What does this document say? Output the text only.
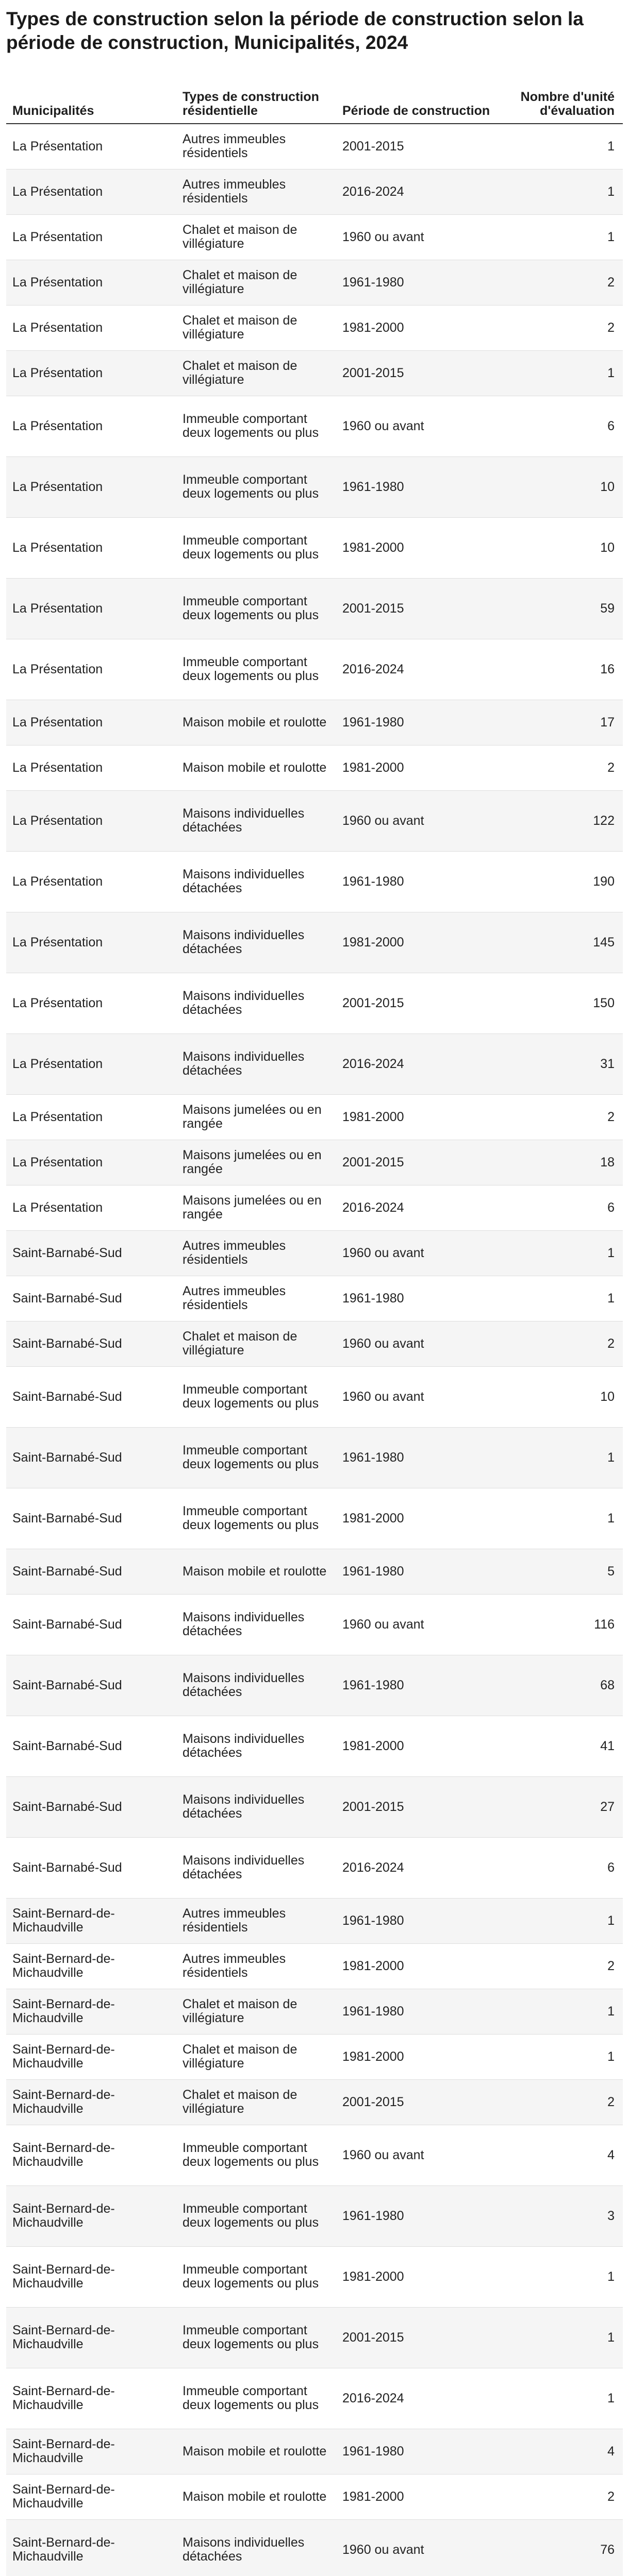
Types de construction selon la période de construction selon la période de construction, Municipalités, 2024
Municipalités	Types de construction résidentielle	Période de construction	Nombre d'unité d'évaluation
La Présentation	Autres immeubles résidentiels	2001-2015	1
La Présentation	Autres immeubles résidentiels	2016-2024	1
La Présentation	Chalet et maison de villégiature	1960 ou avant	1
La Présentation	Chalet et maison de villégiature	1961-1980	2
La Présentation	Chalet et maison de villégiature	1981-2000	2
La Présentation	Chalet et maison de villégiature	2001-2015	1
La Présentation	Immeuble comportant deux logements ou plus	1960 ou avant	6
La Présentation	Immeuble comportant deux logements ou plus	1961-1980	10
La Présentation	Immeuble comportant deux logements ou plus	1981-2000	10
La Présentation	Immeuble comportant deux logements ou plus	2001-2015	59
La Présentation	Immeuble comportant deux logements ou plus	2016-2024	16
La Présentation	Maison mobile et roulotte	1961-1980	17
La Présentation	Maison mobile et roulotte	1981-2000	2
La Présentation	Maisons individuelles détachées	1960 ou avant	122
La Présentation	Maisons individuelles détachées	1961-1980	190
La Présentation	Maisons individuelles détachées	1981-2000	145
La Présentation	Maisons individuelles détachées	2001-2015	150
La Présentation	Maisons individuelles détachées	2016-2024	31
La Présentation	Maisons jumelées ou en rangée	1981-2000	2
La Présentation	Maisons jumelées ou en rangée	2001-2015	18
La Présentation	Maisons jumelées ou en rangée	2016-2024	6
Saint-Barnabé-Sud	Autres immeubles résidentiels	1960 ou avant	1
Saint-Barnabé-Sud	Autres immeubles résidentiels	1961-1980	1
Saint-Barnabé-Sud	Chalet et maison de villégiature	1960 ou avant	2
Saint-Barnabé-Sud	Immeuble comportant deux logements ou plus	1960 ou avant	10
Saint-Barnabé-Sud	Immeuble comportant deux logements ou plus	1961-1980	1
Saint-Barnabé-Sud	Immeuble comportant deux logements ou plus	1981-2000	1
Saint-Barnabé-Sud	Maison mobile et roulotte	1961-1980	5
Saint-Barnabé-Sud	Maisons individuelles détachées	1960 ou avant	116
Saint-Barnabé-Sud	Maisons individuelles détachées	1961-1980	68
Saint-Barnabé-Sud	Maisons individuelles détachées	1981-2000	41
Saint-Barnabé-Sud	Maisons individuelles détachées	2001-2015	27
Saint-Barnabé-Sud	Maisons individuelles détachées	2016-2024	6
Saint-Bernard-de-Michaudville	Autres immeubles résidentiels	1961-1980	1
Saint-Bernard-de-Michaudville	Autres immeubles résidentiels	1981-2000	2
Saint-Bernard-de-Michaudville	Chalet et maison de villégiature	1961-1980	1
Saint-Bernard-de-Michaudville	Chalet et maison de villégiature	1981-2000	1
Saint-Bernard-de-Michaudville	Chalet et maison de villégiature	2001-2015	2
Saint-Bernard-de-Michaudville	Immeuble comportant deux logements ou plus	1960 ou avant	4
Saint-Bernard-de-Michaudville	Immeuble comportant deux logements ou plus	1961-1980	3
Saint-Bernard-de-Michaudville	Immeuble comportant deux logements ou plus	1981-2000	1
Saint-Bernard-de-Michaudville	Immeuble comportant deux logements ou plus	2001-2015	1
Saint-Bernard-de-Michaudville	Immeuble comportant deux logements ou plus	2016-2024	1
Saint-Bernard-de-Michaudville	Maison mobile et roulotte	1961-1980	4
Saint-Bernard-de-Michaudville	Maison mobile et roulotte	1981-2000	2
Saint-Bernard-de-Michaudville	Maisons individuelles détachées	1960 ou avant	76
